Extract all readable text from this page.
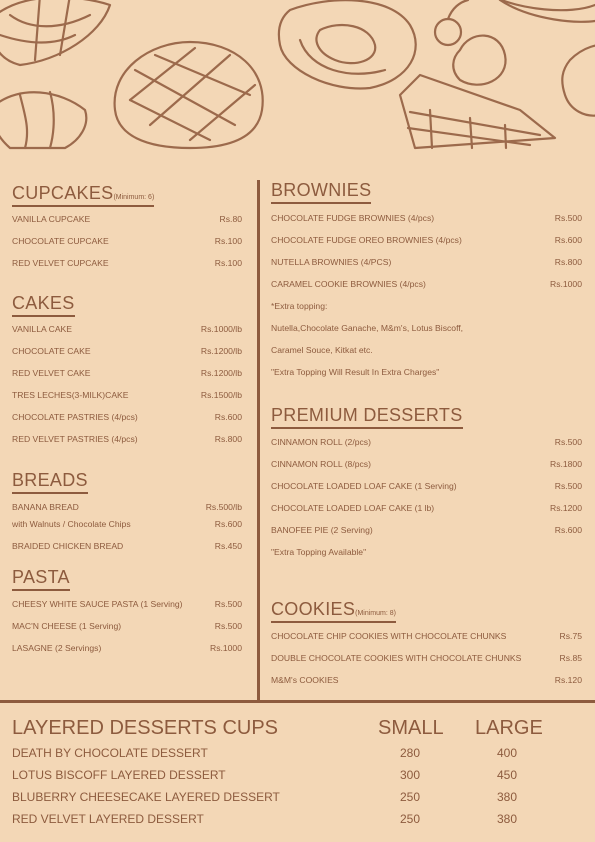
CUPCAKES(Minimum: 6)
VANILLA CUPCAKE	Rs.80
CHOCOLATE CUPCAKE	Rs.100
RED VELVET CUPCAKE	Rs.100
CAKES
VANILLA CAKE	Rs.1000/lb
CHOCOLATE CAKE	Rs.1200/lb
RED VELVET CAKE	Rs.1200/lb
TRES LECHES(3-MILK)CAKE	Rs.1500/lb
CHOCOLATE PASTRIES (4/pcs)	Rs.600
RED VELVET PASTRIES (4/pcs)	Rs.800
BREADS
BANANA BREAD	Rs.500/lb
with Walnuts / Chocolate Chips	Rs.600
BRAIDED CHICKEN BREAD	Rs.450
PASTA
CHEESY WHITE SAUCE PASTA (1 Serving)	Rs.500
MAC'N CHEESE (1 Serving)	Rs.500
LASAGNE (2 Servings)	Rs.1000
BROWNIES
CHOCOLATE FUDGE BROWNIES (4/pcs)	Rs.500
CHOCOLATE FUDGE OREO BROWNIES (4/pcs)	Rs.600
NUTELLA BROWNIES (4/PCS)	Rs.800
CARAMEL COOKIE BROWNIES (4/pcs)	Rs.1000
*Extra topping:
Nutella,Chocolate Ganache, M&m's, Lotus Biscoff,
Caramel Souce, Kitkat etc.
"Extra Topping Will Result In Extra Charges"
PREMIUM DESSERTS
CINNAMON ROLL (2/pcs)	Rs.500
CINNAMON ROLL (8/pcs)	Rs.1800
CHOCOLATE LOADED LOAF CAKE (1 Serving)	Rs.500
CHOCOLATE LOADED LOAF CAKE (1 lb)	Rs.1200
BANOFEE PIE (2 Serving)	Rs.600
"Extra Topping Available"
COOKIES(Minimum: 8)
CHOCOLATE CHIP COOKIES WITH CHOCOLATE CHUNKS	Rs.75
DOUBLE CHOCOLATE COOKIES WITH CHOCOLATE CHUNKS	Rs.85
M&M's COOKIES	Rs.120
LAYERED DESSERTS CUPS	SMALL LARGE
DEATH BY CHOCOLATE DESSERT	280	400
LOTUS BISCOFF LAYERED DESSERT	300	450
BLUBERRY CHEESECAKE LAYERED DESSERT	250	380
RED VELVET LAYERED DESSERT	250	380
